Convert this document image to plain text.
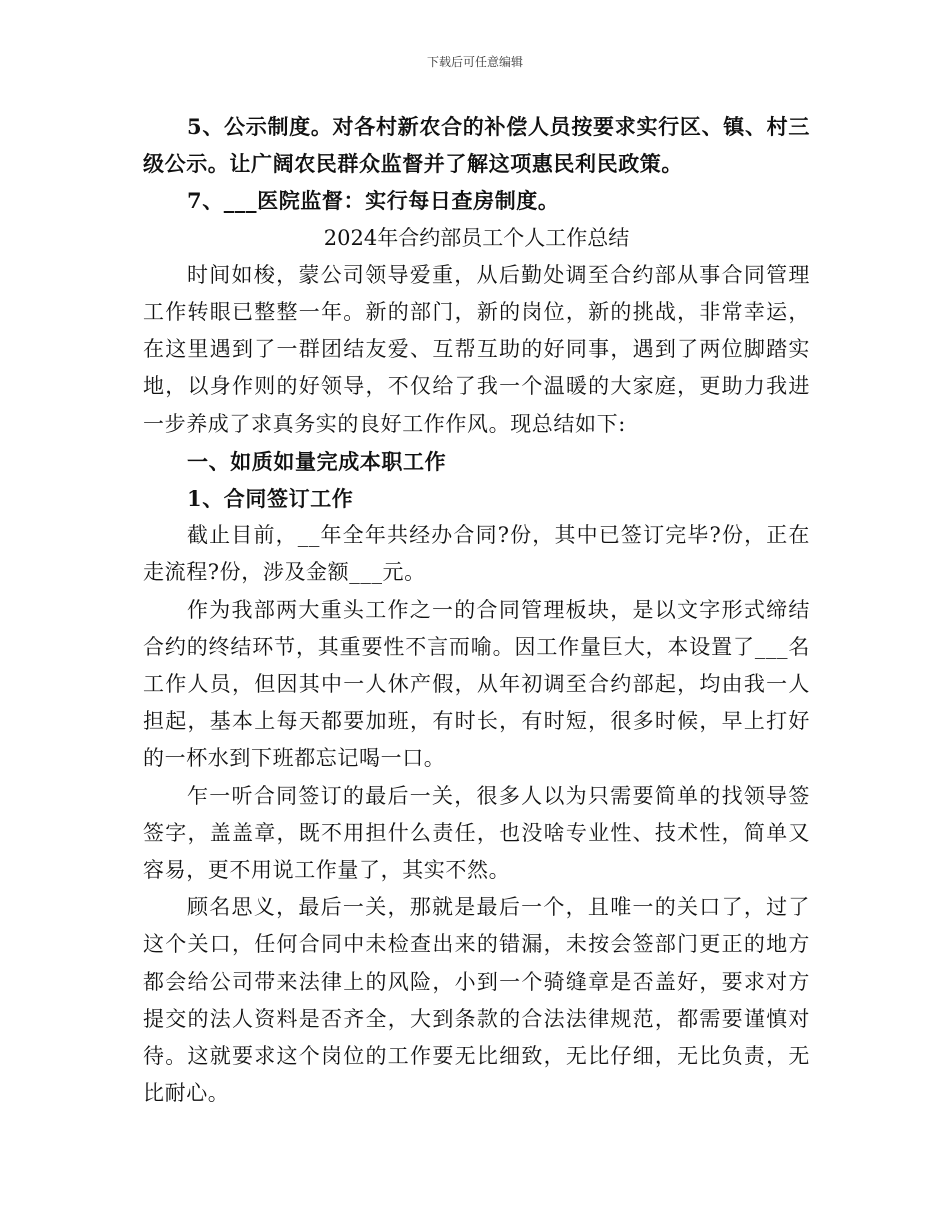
下载后可任意编辑

5、公示制度。对各村新农合的补偿人员按要求实行区、镇、村三级公示。让广阔农民群众监督并了解这项惠民利民政策。

7、___医院监督：实行每日查房制度。

2024年合约部员工个人工作总结

时间如梭，蒙公司领导爱重，从后勤处调至合约部从事合同管理工作转眼已整整一年。新的部门，新的岗位，新的挑战，非常幸运，在这里遇到了一群团结友爱、互帮互助的好同事，遇到了两位脚踏实地，以身作则的好领导，不仅给了我一个温暖的大家庭，更助力我进一步养成了求真务实的良好工作作风。现总结如下:

一、如质如量完成本职工作

1、合同签订工作

截止目前，__年全年共经办合同?份，其中已签订完毕?份，正在走流程?份，涉及金额___元。

作为我部两大重头工作之一的合同管理板块，是以文字形式缔结合约的终结环节，其重要性不言而喻。因工作量巨大，本设置了___名工作人员，但因其中一人休产假，从年初调至合约部起，均由我一人担起，基本上每天都要加班，有时长，有时短，很多时候，早上打好的一杯水到下班都忘记喝一口。

乍一听合同签订的最后一关，很多人以为只需要简单的找领导签签字，盖盖章，既不用担什么责任，也没啥专业性、技术性，简单又容易，更不用说工作量了，其实不然。

顾名思义，最后一关，那就是最后一个，且唯一的关口了，过了这个关口，任何合同中未检查出来的错漏，未按会签部门更正的地方都会给公司带来法律上的风险，小到一个骑缝章是否盖好，要求对方提交的法人资料是否齐全，大到条款的合法法律规范，都需要谨慎对待。这就要求这个岗位的工作要无比细致，无比仔细，无比负责，无比耐心。
